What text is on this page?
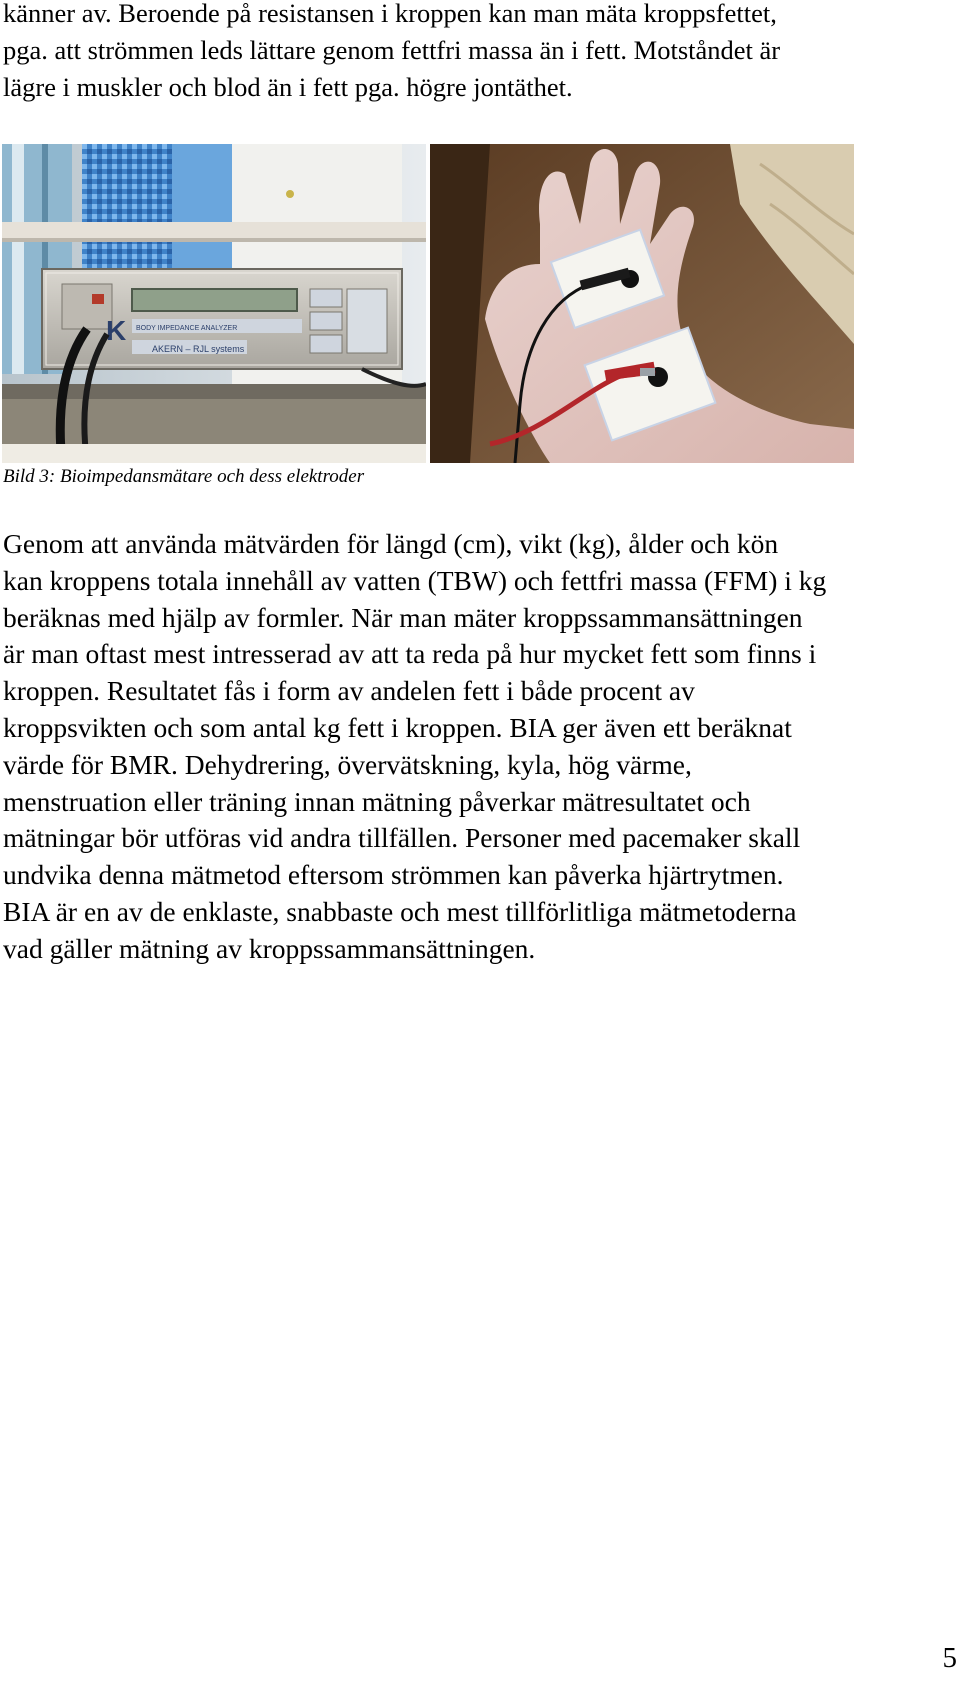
känner av. Beroende på resistansen i kroppen kan man mäta kroppsfettet,
pga. att strömmen leds lättare genom fettfri massa än i fett. Motståndet är
lägre i muskler och blod än i fett pga. högre jontäthet.

AKERN – RJL systems
BODY IMPEDANCE ANALYZER
K

Bild 3: Bioimpedansmätare och dess elektroder

Genom att använda mätvärden för längd (cm), vikt (kg), ålder och kön
kan kroppens totala innehåll av vatten (TBW) och fettfri massa (FFM) i kg
beräknas med hjälp av formler. När man mäter kroppssammansättningen
är man oftast mest intresserad av att ta reda på hur mycket fett som finns i
kroppen. Resultatet fås i form av andelen fett i både procent av
kroppsvikten och som antal kg fett i kroppen. BIA ger även ett beräknat
värde för BMR. Dehydrering, övervätskning, kyla, hög värme,
menstruation eller träning innan mätning påverkar mätresultatet och
mätningar bör utföras vid andra tillfällen. Personer med pacemaker skall
undvika denna mätmetod eftersom strömmen kan påverka hjärtrytmen.
BIA är en av de enklaste, snabbaste och mest tillförlitliga mätmetoderna
vad gäller mätning av kroppssammansättningen.

5
